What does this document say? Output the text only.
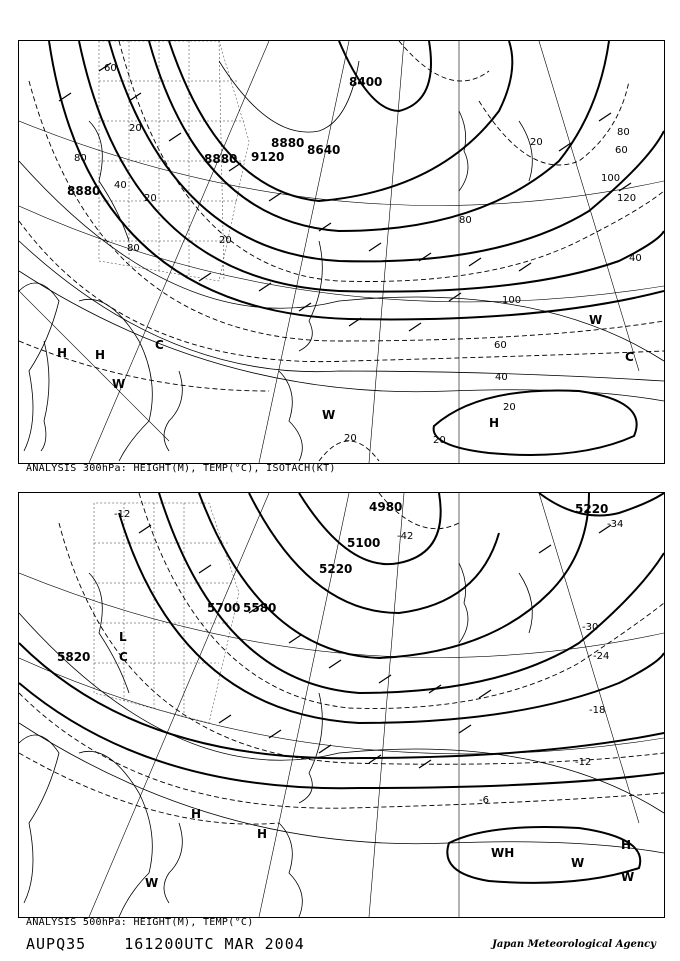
8400
9120
8880 8640
8880
8880
100
80
60
40
20
20
20
20
20
20
40
60
80
100
80
120
40
60
80
20
H H
W
C
W
H
W
C
ANALYSIS 300hPa: HEIGHT(M), TEMP(°C), ISOTACH(KT)
4980
5100
5220
5700 5580
5820
5220
-42
-30
-24
-18
-12
-6
-12
-34
L
C
H
H
W
WH
H
W
W
ANALYSIS 500hPa: HEIGHT(M), TEMP(°C)
AUPQ35	161200UTC MAR 2004	Japan Meteorological Agency
